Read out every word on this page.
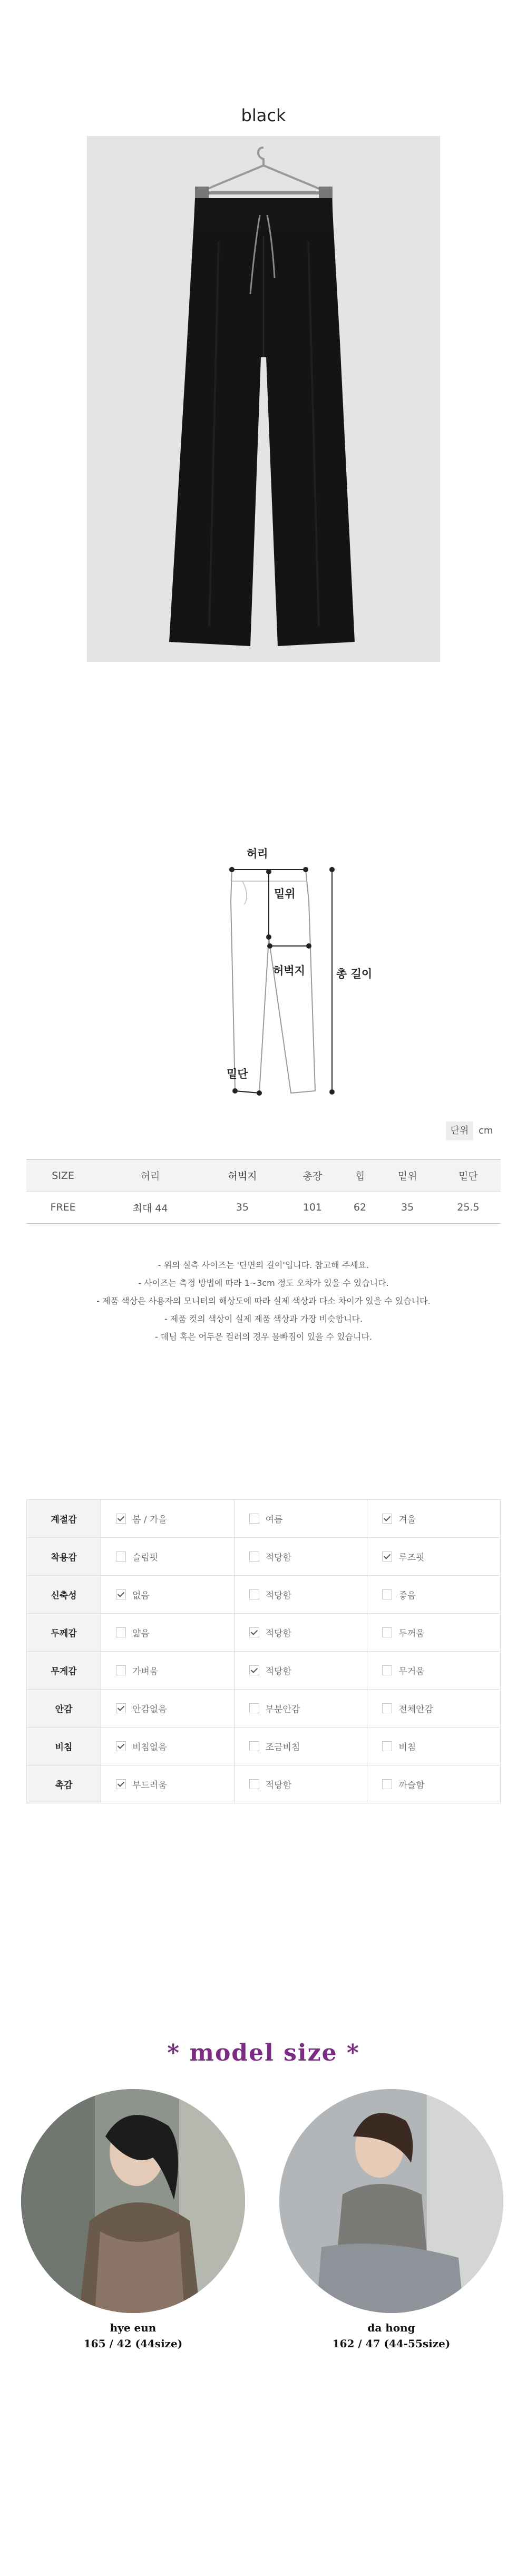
black
허리
밑위
허벅지	총 길이
밑단
단위	cm
SIZE	허리	허벅지	총장	힙	밑위	밑단
FREE	최대 44	35	101	62	35	25.5
- 위의 실측 사이즈는 '단면의 길이'입니다. 참고해 주세요.
- 사이즈는 측정 방법에 따라 1~3cm 정도 오차가 있을 수 있습니다.
- 제품 색상은 사용자의 모니터의 해상도에 따라 실제 색상과 다소 차이가 있을 수 있습니다.
- 제품 컷의 색상이 실제 제품 색상과 가장 비슷합니다.
- 데님 혹은 어두운 컬러의 경우 물빠짐이 있을 수 있습니다.
계절감	봄 / 가을	여름	겨울
착용감	슬림핏	적당함	루즈핏
신축성	없음	적당함	좋음
두께감	얇음	적당함	두꺼움
무게감	가벼움	적당함	무거움
안감	안감없음	부분안감	전체안감
비침	비침없음	조금비침	비침
촉감	부드러움	적당함	까슬함
* model size *
hye eun
165 / 42 (44size)
da hong
162 / 47 (44-55size)
